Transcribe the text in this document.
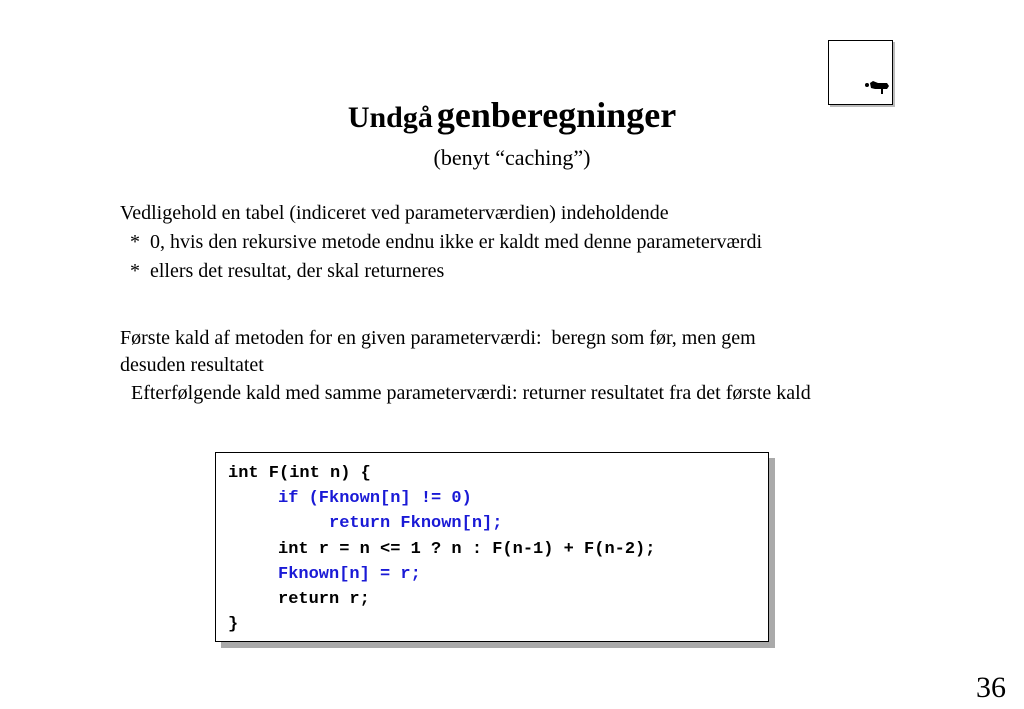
Undgå genberegninger
(benyt “caching”)
Vedligehold en tabel (indiceret ved parameterværdien) indeholdende
*  0, hvis den rekursive metode endnu ikke er kaldt med denne parameterværdi
*  ellers det resultat, der skal returneres
Første kald af metoden for en given parameterværdi:  beregn som før, men gem
desuden resultatet
Efterfølgende kald med samme parameterværdi: returner resultatet fra det første kald
int F(int n) {
if (Fknown[n] != 0)
return Fknown[n];
int r = n <= 1 ? n : F(n-1) + F(n-2);
Fknown[n] = r;
return r;
}
36
